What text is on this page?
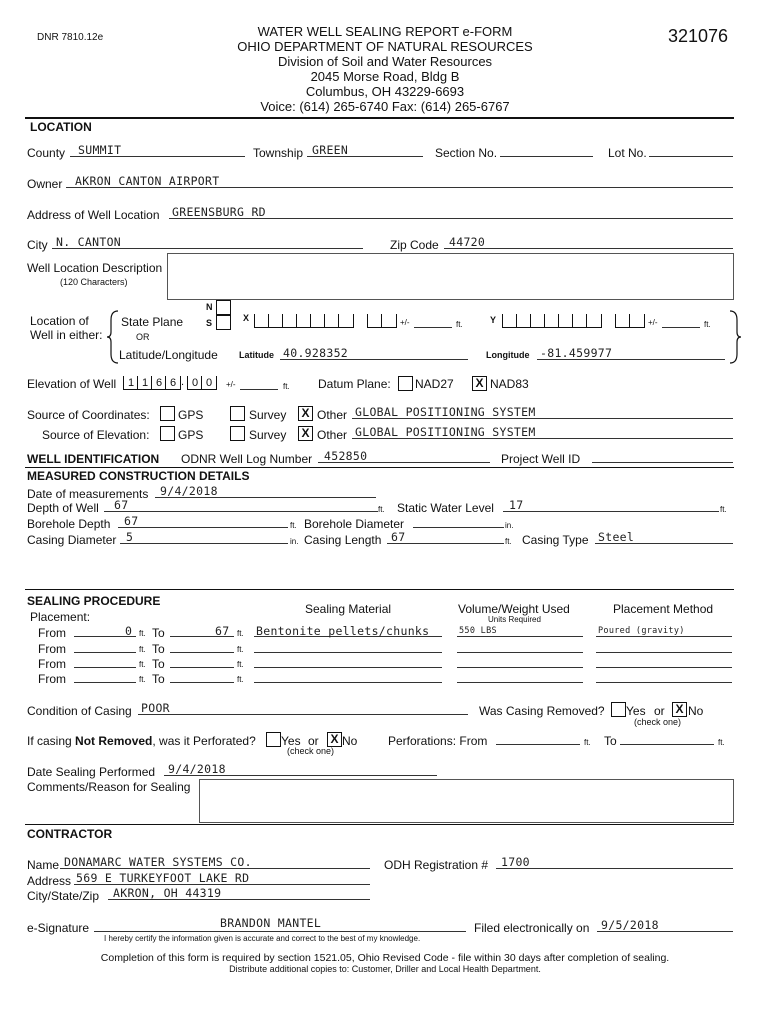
DNR 7810.12e	WATER WELL SEALING REPORT e-FORM
OHIO DEPARTMENT OF NATURAL RESOURCES
Division of Soil and Water Resources
2045 Morse Road, Bldg B
Columbus, OH 43229-6693
Voice: (614) 265-6740 Fax: (614) 265-6767
321076
LOCATION
County SUMMIT	Township GREEN	Section No.	Lot No.
Owner AKRON CANTON AIRPORT
Address of Well Location GREENSBURG RD
City N. CANTON	Zip Code 44720
Well Location Description
(120 Characters)
Location of
Well in either:
State Plane
OR
Latitude/Longitude
N
S	X	+/-	ft.	Y	+/-	ft.
Latitude 40.928352	Longitude -81.459977
Elevation of Well	1 1 6 6 . 0 0	+/-	ft. Datum Plane: NAD27 X NAD83
Source of Coordinates: GPS	Survey X Other GLOBAL POSITIONING SYSTEM
Source of Elevation: GPS	Survey X Other GLOBAL POSITIONING SYSTEM
WELL IDENTIFICATION ODNR Well Log Number 452850	Project Well ID
MEASURED CONSTRUCTION DETAILS
Date of measurements 9/4/2018
Depth of Well 67	ft. Static Water Level 17	ft.
Borehole Depth 67	ft. Borehole Diameter	in.
Casing Diameter 5	in. Casing Length 67	ft. Casing Type Steel
SEALING PROCEDURE
Placement:
Sealing Material	Volume/Weight Used
Units Required
Placement Method
From	0 ft. To	67 ft. Bentonite pellets/chunks	550 LBS	Poured (gravity)
From	ft. To	ft.
From	ft. To	ft.
From	ft. To	ft.
Condition of Casing POOR	Was Casing Removed? Yes or X No
(check one)
If casing Not Removed, was it Perforated? Yes or X No
(check one)
Perforations: From	ft. To	ft.
Date Sealing Performed 9/4/2018
Comments/Reason for Sealing
CONTRACTOR
Name DONAMARC WATER SYSTEMS CO.	ODH Registration # 1700
Address 569 E TURKEYFOOT LAKE RD
City/State/Zip AKRON, OH 44319
e-Signature	BRANDON MANTEL
I hereby certify the information given is accurate and correct to the best of my knowledge.
Filed electronically on 9/5/2018
Completion of this form is required by section 1521.05, Ohio Revised Code - file within 30 days after completion of sealing.
Distribute additional copies to: Customer, Driller and Local Health Department.
